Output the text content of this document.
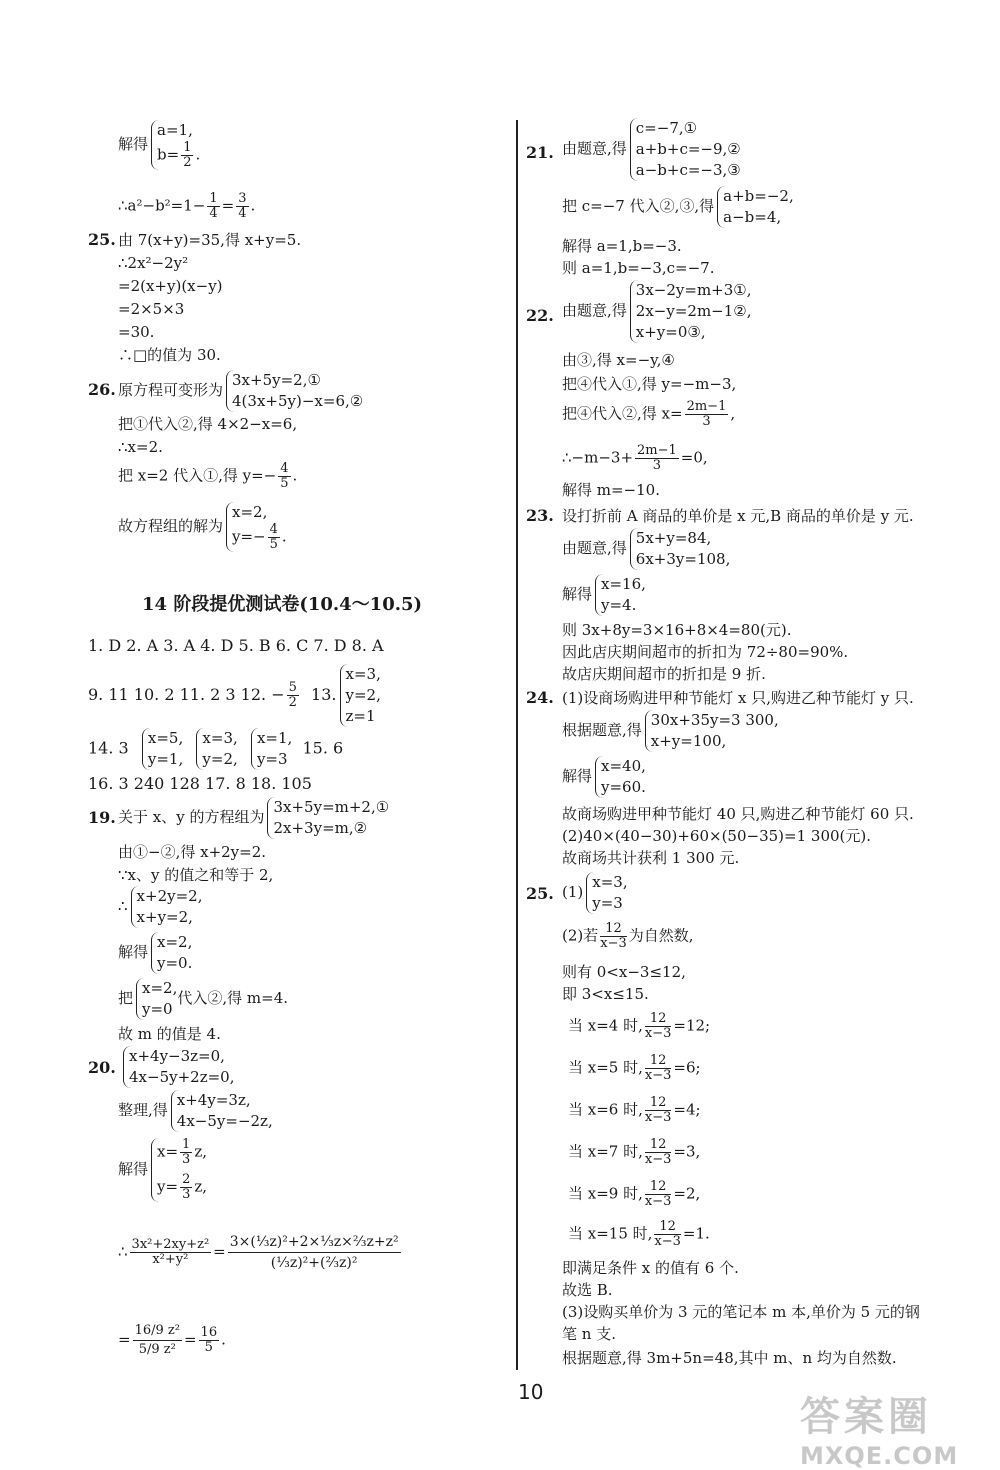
解得
a=1,
$b= \frac{1}{2}$ .
∴a²−b²=1− $\frac{1}{4} = \frac{3}{4}$ .
25. 由 7(x+y)=35,得 x+y=5.
∴2x²−2y²
=2(x+y)(x−y)
=2×5×3
=30.
∴□的值为 30.
26. 原方程可变形为
3x+5y=2,①
4(3x+5y)−x=6,②
把①代入②,得 4×2−x=6,
∴x=2.
把 x=2 代入①,得 $y=- \frac{4}{5}$ .
故方程组的解为
x=2,
$y=- \frac{4}{5}$ .
14 阶段提优测试卷(10.4～10.5)
1. D 2. A 3. A 4. D 5. B 6. C 7. D 8. A
9. 11 10. 2 11. 2 3 12. − $\frac{5}{2} 13$.
x=3,
y=2,
z=1
14. 3
x=5,
y=1,

x=3,
y=2,

x=1,
y=3
15. 6
16. 3 240 128 17. 8 18. 105
19. 关于 x、y 的方程组为
3x+5y=m+2,①
2x+3y=m,②
由①−②,得 x+2y=2.
∵x、y 的值之和等于 2,
∴
x+2y=2,
x+y=2,
解得
x=2,
y=0.
把
x=2,
y=0
代入②,得 m=4.
故 m 的值是 4.
20.
x+4y−3z=0,
4x−5y+2z=0,
整理,得
x+4y=3z,
4x−5y=−2z,
解得
$x= \frac{1}{3} z$,
$y= \frac{2}{3} z$,
∴ $\frac{\text{3x²+2xy+z²}}{\text{x²+y²}} = \frac{\text{3×(⅓z)²+2×⅓z×⅔z+z²}}{\text{(⅓z)²+(⅔z)²}}$
= $\frac{\text{16/9 z²}}{\text{5/9 z²}} = \frac{16}{5}$ .
21. 由题意,得
c=−7,①
a+b+c=−9,②
a−b+c=−3,③
把 c=−7 代入②,③,得
a+b=−2,
a−b=4,
解得 a=1,b=−3.
则 a=1,b=−3,c=−7.
22. 由题意,得
3x−2y=m+3①,
2x−y=2m−1②,
x+y=0③,
由③,得 x=−y,④
把④代入①,得 y=−m−3,
把④代入②,得 $x= \frac{2m-1}{3}$ ,
∴−m−3+ $\frac{2m-1}{3} =0$,
解得 m=−10.
23. 设打折前 A 商品的单价是 x 元,B 商品的单价是 y 元.
由题意,得
5x+y=84,
6x+3y=108,
解得
x=16,
y=4.
则 3x+8y=3×16+8×4=80(元).
因此店庆期间超市的折扣为 72÷80=90%.
故店庆期间超市的折扣是 9 折.
24. (1)设商场购进甲种节能灯 x 只,购进乙种节能灯 y 只.
根据题意,得
30x+35y=3 300,
x+y=100,
解得
x=40,
y=60.
故商场购进甲种节能灯 40 只,购进乙种节能灯 60 只.
(2)40×(40−30)+60×(50−35)=1 300(元).
故商场共计获利 1 300 元.
25. (1)
x=3,
y=3
(2)若 $\frac{12}{x-3}$ 为自然数,
则有 0<x−3≤12,
即 3<x≤15.
当 x=4 时, $\frac{12}{x-3} =12$;
当 x=5 时, $\frac{12}{x-3} =6$;
当 x=6 时, $\frac{12}{x-3} =4$;
当 x=7 时, $\frac{12}{x-3} =3$,
当 x=9 时, $\frac{12}{x-3} =2$,
当 x=15 时, $\frac{12}{x-3} =1$.
即满足条件 x 的值有 6 个.
故选 B.
(3)设购买单价为 3 元的笔记本 m 本,单价为 5 元的钢
笔 n 支.
根据题意,得 3m+5n=48,其中 m、n 均为自然数.
10
答案圈
MXQE.COM
